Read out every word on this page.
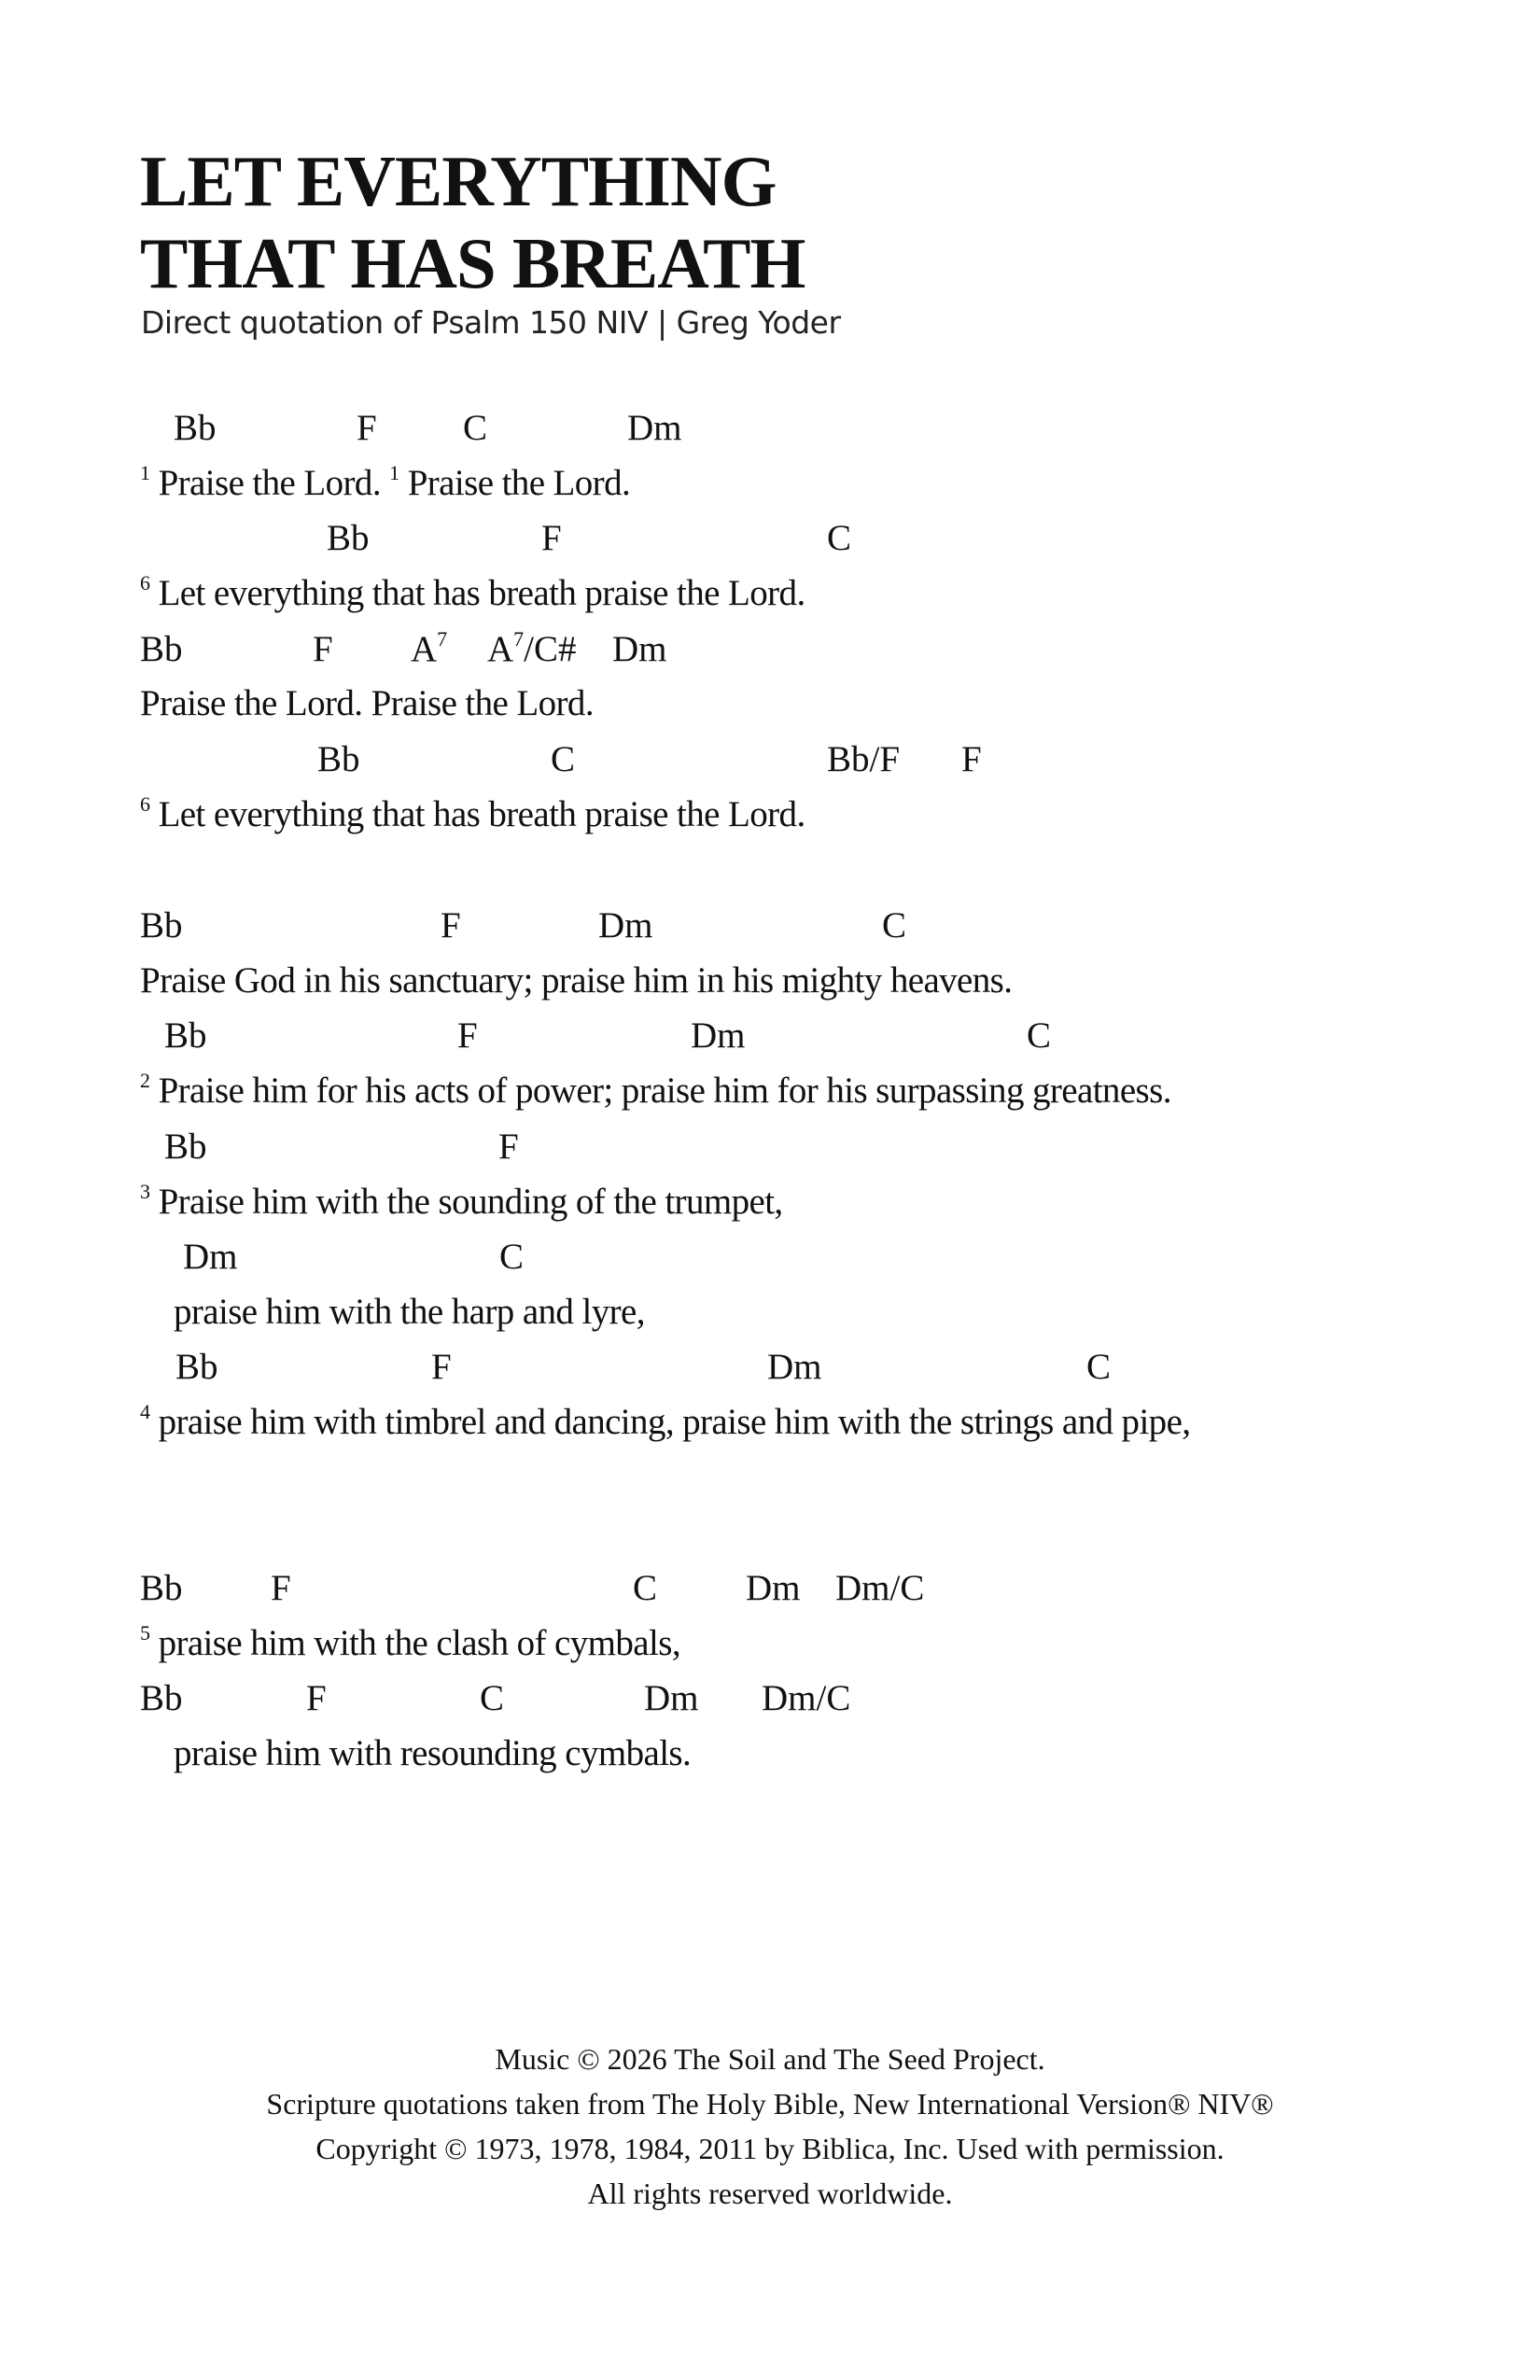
LET EVERYTHING
THAT HAS BREATH
Direct quotation of Psalm 150 NIV | Greg Yoder
Bb	F C	Dm
$^1$ Praise the Lord. $^1$ Praise the Lord.
Bb	F	C
$^6$ Let everything that has breath praise the Lord.
Bb	F $A^7$ $A^7/C\#$ Dm
Praise the Lord. Praise the Lord.
Bb	C	Bb/F F
$^6$ Let everything that has breath praise the Lord.
Bb	F	Dm	C
Praise God in his sanctuary; praise him in his mighty heavens.
Bb	F	Dm	C
$^2$ Praise him for his acts of power; praise him for his surpassing greatness.
Bb	F
$^3$ Praise him with the sounding of the trumpet,
Dm	C
praise him with the harp and lyre,
Bb	F	Dm	C
$^4$ praise him with timbrel and dancing, praise him with the strings and pipe,
Bb F	C Dm Dm/C
$^5$ praise him with the clash of cymbals,
Bb	F	C	Dm Dm/C
praise him with resounding cymbals.
Music © 2026 The Soil and The Seed Project.
Scripture quotations taken from The Holy Bible, New International Version® NIV®
Copyright © 1973, 1978, 1984, 2011 by Biblica, Inc. Used with permission.
All rights reserved worldwide.
